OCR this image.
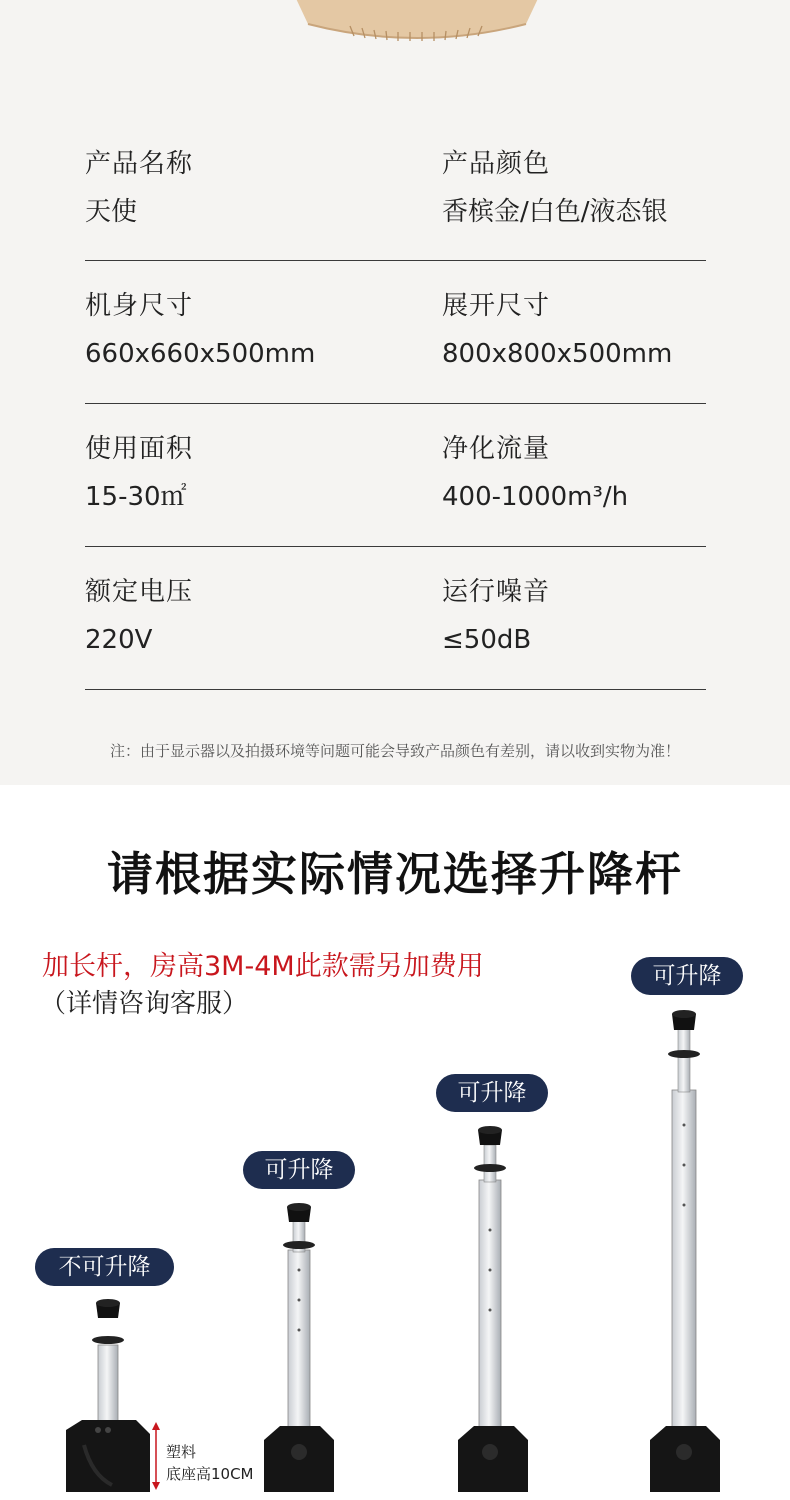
产品名称
天使
产品颜色
香槟金/白色/液态银
机身尺寸
660x660x500mm
展开尺寸
800x800x500mm
使用面积
15-30㎡
净化流量
400-1000m³/h
额定电压
220V
运行噪音
≤50dB
注：由于显示器以及拍摄环境等问题可能会导致产品颜色有差别，请以收到实物为准！
请根据实际情况选择升降杆
加长杆，房高3M-4M此款需另加费用
（详情咨询客服）
可升降
可升降
可升降
不可升降
塑料
底座高10CM
